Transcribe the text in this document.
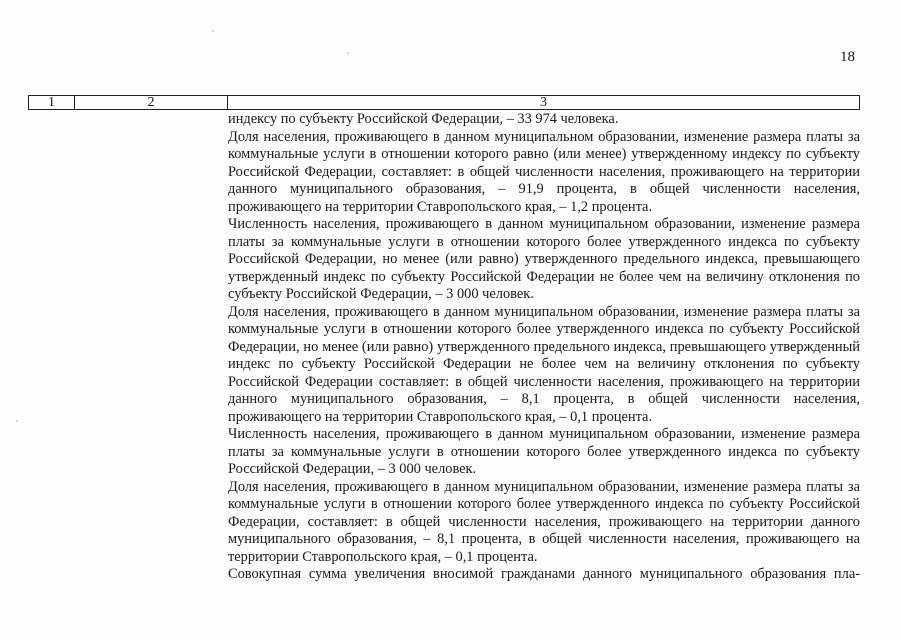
18
1	2	3

индексу по субъекту Российской Федерации, – 33 974 человека.

Доля населения, проживающего в данном муниципальном образовании, изменение размера платы за коммунальные услуги в отношении которого равно (или менее) утвержденному индексу по субъекту Российской Федерации, составляет: в общей численности населения, проживающего на территории данного муниципального образования, – 91,9 процента, в общей численности населения, проживающего на территории Ставропольского края, – 1,2 процента.

Численность населения, проживающего в данном муниципальном образовании, изменение размера платы за коммунальные услуги в отношении которого более утвержденного индекса по субъекту Российской Федерации, но менее (или равно) утвержденного предельного индекса, превышающего утвержденный индекс по субъекту Российской Федерации не более чем на величину отклонения по субъекту Российской Федерации, – 3 000 человек.

Доля населения, проживающего в данном муниципальном образовании, изменение размера платы за коммунальные услуги в отношении которого более утвержденного индекса по субъекту Российской Федерации, но менее (или равно) утвержденного предельного индекса, превышающего утвержденный индекс по субъекту Российской Федерации не более чем на величину отклонения по субъекту Российской Федерации составляет: в общей численности населения, проживающего на территории данного муниципального образования, – 8,1 процента, в общей численности населения, проживающего на территории Ставропольского края, – 0,1 процента.

Численность населения, проживающего в данном муниципальном образовании, изменение размера платы за коммунальные услуги в отношении которого более утвержденного индекса по субъекту Российской Федерации, – 3 000 человек.

Доля населения, проживающего в данном муниципальном образовании, изменение размера платы за коммунальные услуги в отношении которого более утвержденного индекса по субъекту Российской Федерации, составляет: в общей численности населения, проживающего на территории данного муниципального образования, – 8,1 процента, в общей численности населения, проживающего на территории Ставропольского края, – 0,1 процента.

Совокупная сумма увеличения вносимой гражданами данного муниципального образования пла-
